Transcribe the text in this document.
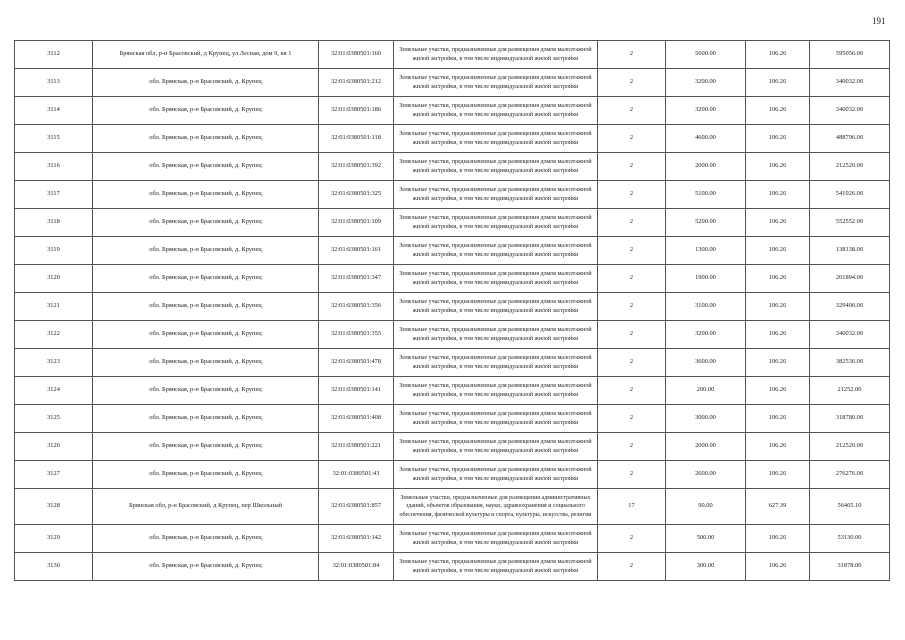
191
3112	Брянская обл, р-н Брасовский, д Крупец, ул Лесная, дом 9, кв 1	32:01:0380501:160	Земельные участки, предназначенные для размещения домов малоэтажной жилой застройки, в том числе индивидуальной жилой застройки	2	5600.00	106.26	595056.00
3113	обл. Брянская, р-н Брасовский, д. Крупец	32:01:0380501:212	Земельные участки, предназначенные для размещения домов малоэтажной жилой застройки, в том числе индивидуальной жилой застройки	2	3200.00	106.26	340032.00
3114	обл. Брянская, р-н Брасовский, д. Крупец	32:01:0380501:186	Земельные участки, предназначенные для размещения домов малоэтажной жилой застройки, в том числе индивидуальной жилой застройки	2	3200.00	106.26	340032.00
3115	обл. Брянская, р-н Брасовский, д. Крупец	32:01:0380501:118	Земельные участки, предназначенные для размещения домов малоэтажной жилой застройки, в том числе индивидуальной жилой застройки	2	4600.00	106.26	488796.00
3116	обл. Брянская, р-н Брасовский, д. Крупец	32:01:0380501:392	Земельные участки, предназначенные для размещения домов малоэтажной жилой застройки, в том числе индивидуальной жилой застройки	2	2000.00	106.26	212520.00
3117	обл. Брянская, р-н Брасовский, д. Крупец	32:01:0380501:325	Земельные участки, предназначенные для размещения домов малоэтажной жилой застройки, в том числе индивидуальной жилой застройки	2	5100.00	106.26	541926.00
3118	обл. Брянская, р-н Брасовский, д. Крупец	32:01:0380501:109	Земельные участки, предназначенные для размещения домов малоэтажной жилой застройки, в том числе индивидуальной жилой застройки	2	5200.00	106.26	552552.00
3119	обл. Брянская, р-н Брасовский, д. Крупец	32:01:0380501:161	Земельные участки, предназначенные для размещения домов малоэтажной жилой застройки, в том числе индивидуальной жилой застройки	2	1300.00	106.26	138138.00
3120	обл. Брянская, р-н Брасовский, д. Крупец	32:01:0380501:347	Земельные участки, предназначенные для размещения домов малоэтажной жилой застройки, в том числе индивидуальной жилой застройки	2	1900.00	106.26	201894.00
3121	обл. Брянская, р-н Брасовский, д. Крупец	32:01:0380501:356	Земельные участки, предназначенные для размещения домов малоэтажной жилой застройки, в том числе индивидуальной жилой застройки	2	3100.00	106.26	329406.00
3122	обл. Брянская, р-н Брасовский, д. Крупец	32:01:0380501:355	Земельные участки, предназначенные для размещения домов малоэтажной жилой застройки, в том числе индивидуальной жилой застройки	2	3200.00	106.26	340032.00
3123	обл. Брянская, р-н Брасовский, д. Крупец	32:01:0380501:478	Земельные участки, предназначенные для размещения домов малоэтажной жилой застройки, в том числе индивидуальной жилой застройки	2	3600.00	106.26	382536.00
3124	обл. Брянская, р-н Брасовский, д. Крупец	32:01:0380501:141	Земельные участки, предназначенные для размещения домов малоэтажной жилой застройки, в том числе индивидуальной жилой застройки	2	200.00	106.26	21252.00
3125	обл. Брянская, р-н Брасовский, д. Крупец	32:01:0380501:408	Земельные участки, предназначенные для размещения домов малоэтажной жилой застройки, в том числе индивидуальной жилой застройки	2	3000.00	106.26	318780.00
3126	обл. Брянская, р-н Брасовский, д. Крупец	32:01:0380501:221	Земельные участки, предназначенные для размещения домов малоэтажной жилой застройки, в том числе индивидуальной жилой застройки	2	2000.00	106.26	212520.00
3127	обл. Брянская, р-н Брасовский, д. Крупец	32:01:0380501:43	Земельные участки, предназначенные для размещения домов малоэтажной жилой застройки, в том числе индивидуальной жилой застройки	2	2600.00	106.26	276276.00
3128	Брянская обл, р-н Брасовский, д Крупец, пер Школьный	32:01:0380501:857	Земельные участки, предназначенные для размещения административных зданий, объектов образования, науки, здравоохранения и социального обеспечения, физической культуры и спорта, культуры, искусства, религии	17	90.00	627.39	56465.10
3129	обл. Брянская, р-н Брасовский, д. Крупец	32:01:0380501:142	Земельные участки, предназначенные для размещения домов малоэтажной жилой застройки, в том числе индивидуальной жилой застройки	2	500.00	106.26	53130.00
3130	обл. Брянская, р-н Брасовский, д. Крупец	32:01:0380501:84	Земельные участки, предназначенные для размещения домов малоэтажной жилой застройки, в том числе индивидуальной жилой застройки	2	300.00	106.26	31878.00
